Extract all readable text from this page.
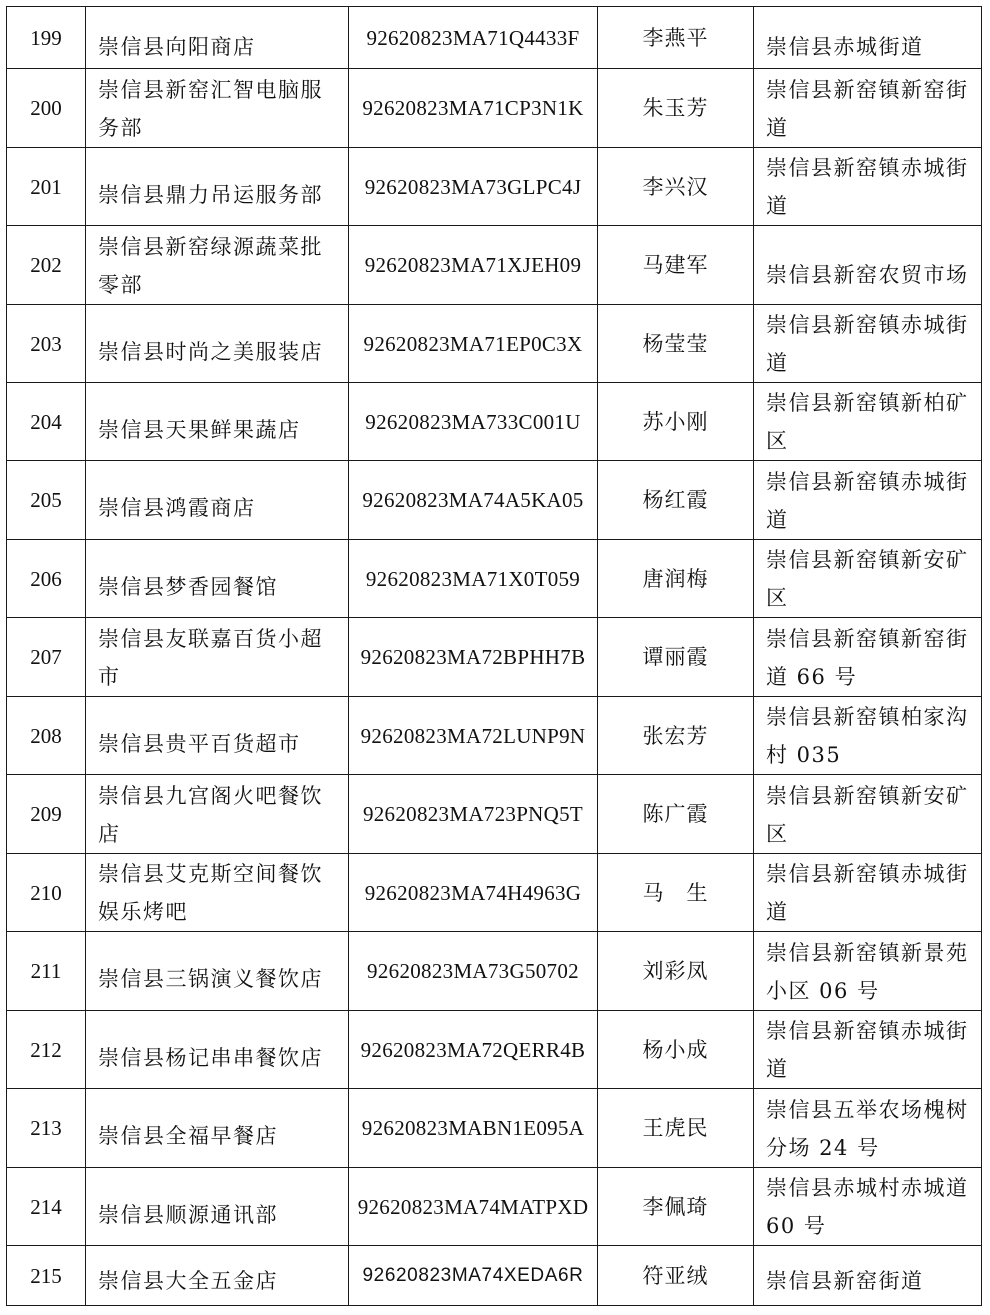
199	崇信县向阳商店	92620823MA71Q4433F	李燕平	崇信县赤城街道

200	崇信县新窑汇智电脑服务部	92620823MA71CP3N1K	朱玉芳	崇信县新窑镇新窑街道

201	崇信县鼎力吊运服务部	92620823MA73GLPC4J	李兴汉	崇信县新窑镇赤城街道

202	崇信县新窑绿源蔬菜批零部	92620823MA71XJEH09	马建军	崇信县新窑农贸市场

203	崇信县时尚之美服装店	92620823MA71EP0C3X	杨莹莹	崇信县新窑镇赤城街道

204	崇信县天果鲜果蔬店	92620823MA733C001U	苏小刚	崇信县新窑镇新柏矿区

205	崇信县鸿霞商店	92620823MA74A5KA05	杨红霞	崇信县新窑镇赤城街道

206	崇信县梦香园餐馆	92620823MA71X0T059	唐润梅	崇信县新窑镇新安矿区

207	崇信县友联嘉百货小超市	92620823MA72BPHH7B	谭丽霞	崇信县新窑镇新窑街道 66 号

208	崇信县贵平百货超市	92620823MA72LUNP9N	张宏芳	崇信县新窑镇柏家沟村 035

209	崇信县九宫阁火吧餐饮店	92620823MA723PNQ5T	陈广霞	崇信县新窑镇新安矿区

210	崇信县艾克斯空间餐饮娱乐烤吧	92620823MA74H4963G	马　生	崇信县新窑镇赤城街道

211	崇信县三锅演义餐饮店	92620823MA73G50702	刘彩凤	崇信县新窑镇新景苑小区 06 号

212	崇信县杨记串串餐饮店	92620823MA72QERR4B	杨小成	崇信县新窑镇赤城街道

213	崇信县全福早餐店	92620823MABN1E095A	王虎民	崇信县五举农场槐树分场 24 号

214	崇信县顺源通讯部	92620823MA74MATPXD	李佩琦	崇信县赤城村赤城道 60 号

215	崇信县大全五金店	92620823MA74XEDA6R	符亚绒	崇信县新窑街道
